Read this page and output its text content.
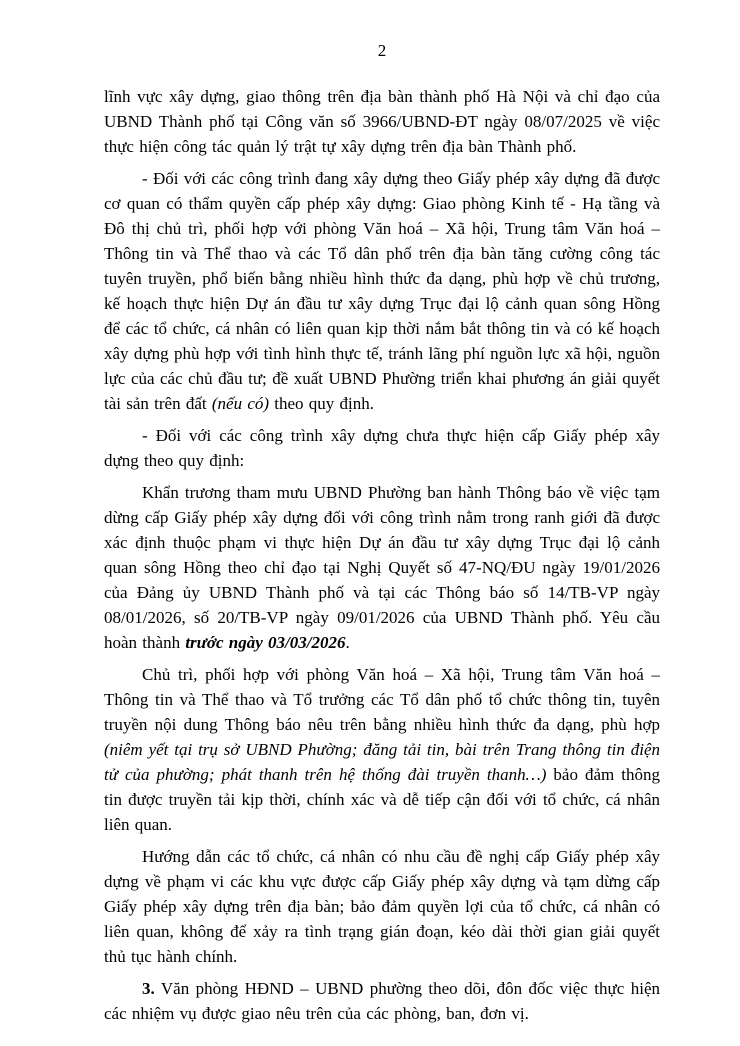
2

lĩnh vực xây dựng, giao thông trên địa bàn thành phố Hà Nội và chỉ đạo của UBND Thành phố tại Công văn số 3966/UBND-ĐT ngày 08/07/2025 về việc thực hiện công tác quản lý trật tự xây dựng trên địa bàn Thành phố.

- Đối với các công trình đang xây dựng theo Giấy phép xây dựng đã được cơ quan có thẩm quyền cấp phép xây dựng: Giao phòng Kinh tế - Hạ tầng và Đô thị chủ trì, phối hợp với phòng Văn hoá – Xã hội, Trung tâm Văn hoá – Thông tin và Thể thao và các Tổ dân phố trên địa bàn tăng cường công tác tuyên truyền, phổ biến bằng nhiều hình thức đa dạng, phù hợp về chủ trương, kế hoạch thực hiện Dự án đầu tư xây dựng Trục đại lộ cảnh quan sông Hồng để các tổ chức, cá nhân có liên quan kịp thời nắm bắt thông tin và có kế hoạch xây dựng phù hợp với tình hình thực tế, tránh lãng phí nguồn lực xã hội, nguồn lực của các chủ đầu tư; đề xuất UBND Phường triển khai phương án giải quyết tài sản trên đất (nếu có) theo quy định.

- Đối với các công trình xây dựng chưa thực hiện cấp Giấy phép xây dựng theo quy định:

Khẩn trương tham mưu UBND Phường ban hành Thông báo về việc tạm dừng cấp Giấy phép xây dựng đối với công trình nằm trong ranh giới đã được xác định thuộc phạm vi thực hiện Dự án đầu tư xây dựng Trục đại lộ cảnh quan sông Hồng theo chỉ đạo tại Nghị Quyết số 47-NQ/ĐU ngày 19/01/2026 của Đảng ủy UBND Thành phố và tại các Thông báo số 14/TB-VP ngày 08/01/2026, số 20/TB-VP ngày 09/01/2026 của UBND Thành phố. Yêu cầu hoàn thành trước ngày 03/03/2026.

Chủ trì, phối hợp với phòng Văn hoá – Xã hội, Trung tâm Văn hoá – Thông tin và Thể thao và Tổ trưởng các Tổ dân phố tổ chức thông tin, tuyên truyền nội dung Thông báo nêu trên bằng nhiều hình thức đa dạng, phù hợp (niêm yết tại trụ sở UBND Phường; đăng tải tin, bài trên Trang thông tin điện tử của phường; phát thanh trên hệ thống đài truyền thanh…) bảo đảm thông tin được truyền tải kịp thời, chính xác và dễ tiếp cận đối với tổ chức, cá nhân liên quan.

Hướng dẫn các tổ chức, cá nhân có nhu cầu đề nghị cấp Giấy phép xây dựng về phạm vi các khu vực được cấp Giấy phép xây dựng và tạm dừng cấp Giấy phép xây dựng trên địa bàn; bảo đảm quyền lợi của tổ chức, cá nhân có liên quan, không để xảy ra tình trạng gián đoạn, kéo dài thời gian giải quyết thủ tục hành chính.

3. Văn phòng HĐND – UBND phường theo dõi, đôn đốc việc thực hiện các nhiệm vụ được giao nêu trên của các phòng, ban, đơn vị.
